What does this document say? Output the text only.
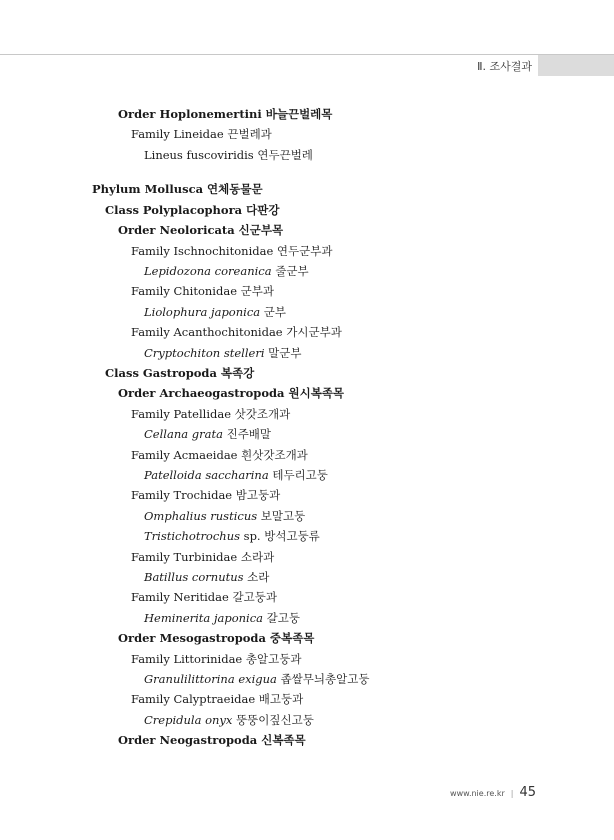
Ⅱ. 조사결과
Order Hoplonemertini 바늘끈벌레목
Family Lineidae 끈벌레과
Lineus fuscoviridis 연두끈벌레
Phylum Mollusca 연체동물문
Class Polyplacophora 다판강
Order Neoloricata 신군부목
Family Ischnochitonidae 연두군부과
Lepidozona coreanica 줄군부
Family Chitonidae 군부과
Liolophura japonica 군부
Family Acanthochitonidae 가시군부과
Cryptochiton stelleri 말군부
Class Gastropoda 복족강
Order Archaeogastropoda 원시복족목
Family Patellidae 삿갓조개과
Cellana grata 진주배말
Family Acmaeidae 흰삿갓조개과
Patelloida saccharina 테두리고둥
Family Trochidae 밤고둥과
Omphalius rusticus 보말고둥
Tristichotrochus sp. 방석고둥류
Family Turbinidae 소라과
Batillus cornutus 소라
Family Neritidae 갈고둥과
Heminerita japonica 갈고둥
Order Mesogastropoda 중복족목
Family Littorinidae 총알고둥과
Granulilittorina exigua 좁쌀무늬총알고둥
Family Calyptraeidae 배고둥과
Crepidula onyx 뚱뚱이짚신고둥
Order Neogastropoda 신복족목
www.nie.re.kr | 45
